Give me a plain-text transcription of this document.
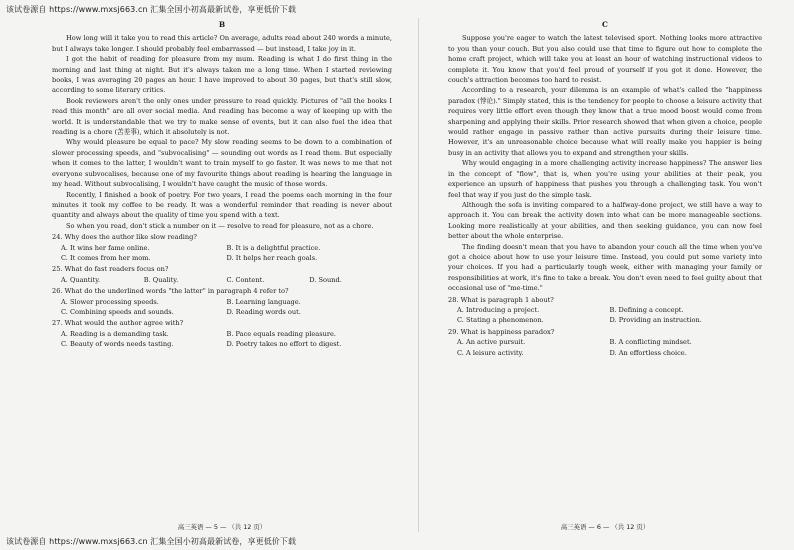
该试卷源自 https://www.mxsj663.cn 汇集全国小初高最新试卷，享更低价下载
B

How long will it take you to read this article? On average, adults read about 240 words a minute, but I always take longer. I should probably feel embarrassed — but instead, I take joy in it.

I got the habit of reading for pleasure from my mum. Reading is what I do first thing in the morning and last thing at night. But it's always taken me a long time. When I started reviewing books, I was averaging 20 pages an hour. I have improved to about 30 pages, but that's still slow, according to some literary critics.

Book reviewers aren't the only ones under pressure to read quickly. Pictures of "all the books I read this month" are all over social media. And reading has become a way of keeping up with the world. It is understandable that we try to make sense of events, but it can also fuel the idea that reading is a chore (苦差事), which it absolutely is not.

Why would pleasure be equal to pace? My slow reading seems to be down to a combination of slower processing speeds, and "subvocalising" — sounding out words as I read them. But especially when it comes to the latter, I wouldn't want to train myself to go faster. It was news to me that not everyone subvocalises, because one of my favourite things about reading is hearing the language in my head. Without subvocalising, I wouldn't have caught the music of those words.

Recently, I finished a book of poetry. For two years, I read the poems each morning in the four minutes it took my coffee to be ready. It was a wonderful reminder that reading is never about quantity and always about the quality of time you spend with a text.

So when you read, don't stick a number on it — resolve to read for pleasure, not as a chore.

24. Why does the author like slow reading?
A. It wins her fame online.	B. It is a delightful practice.
C. It comes from her mom.	D. It helps her reach goals.
25. What do fast readers focus on?
A. Quantity.	B. Quality.	C. Content.	D. Sound.
26. What do the underlined words "the latter" in paragraph 4 refer to?
A. Slower processing speeds.	B. Learning language.
C. Combining speeds and sounds.	D. Reading words out.
27. What would the author agree with?
A. Reading is a demanding task.	B. Pace equals reading pleasure.
C. Beauty of words needs tasting.	D. Poetry takes no effort to digest.
高三英语 — 5 — （共 12 页）
C

Suppose you're eager to watch the latest televised sport. Nothing looks more attractive to you than your couch. But you also could use that time to figure out how to complete the home craft project, which will take you at least an hour of watching instructional videos to complete it. You know that you'd feel proud of yourself if you got it done. However, the couch's attraction becomes too hard to resist.

According to a research, your dilemma is an example of what's called the "happiness paradox (悖论)." Simply stated, this is the tendency for people to choose a leisure activity that requires very little effort even though they know that a true mood boost would come from sharpening and applying their skills. Prior research showed that when given a choice, people would rather engage in passive rather than active pursuits during their leisure time. However, it's an unreasonable choice because what will really make you happier is being busy in an activity that allows you to expand and strengthen your skills.

Why would engaging in a more challenging activity increase happiness? The answer lies in the concept of "flow", that is, when you're using your abilities at their peak, you experience an upsurh of happiness that pushes you through a challenging task. You won't feel that way if you just do the simple task.

Although the sofa is inviting compared to a halfway-done project, we still have a way to approach it. You can break the activity down into what can be more manageable sections. Looking more realistically at your abilities, and then seeking guidance, you can now feel better about the whole enterprise.

The finding doesn't mean that you have to abandon your couch all the time when you've got a choice about how to use your leisure time. Instead, you could put some variety into your choices. If you had a particularly tough week, either with managing your family or responsibilities at work, it's fine to take a break. You don't even need to feel guilty about that occasional use of "me-time."

28. What is paragraph 1 about?
A. Introducing a project.	B. Defining a concept.
C. Stating a phenomenon.	D. Providing an instruction.
29. What is happiness paradox?
A. An active pursuit.	B. A conflicting mindset.
C. A leisure activity.	D. An effortless choice.
高三英语 — 6 — （共 12 页）
该试卷源自 https://www.mxsj663.cn 汇集全国小初高最新试卷，享更低价下载
